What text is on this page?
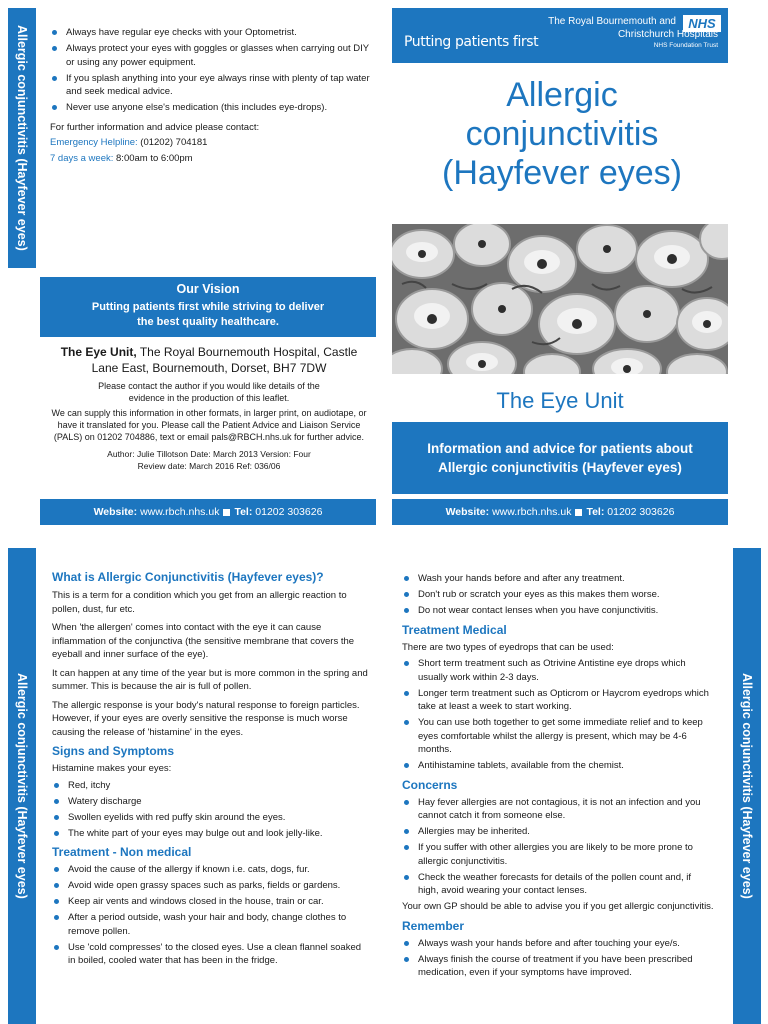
Allergic conjunctivitis (Hayfever eyes)	Always have regular eye checks with your Optometrist.
Always protect your eyes with goggles or glasses when carrying out DIY or using any power equipment.
If you splash anything into your eye always rinse with plenty of tap water and seek medical advice.
Never use anyone else's medication (this includes eye-drops).
For further information and advice please contact:
Emergency Helpline: (01202) 704181
7 days a week: 8:00am to 6:00pm
Our Vision
Putting patients first while striving to deliver the best quality healthcare.
The Eye Unit, The Royal Bournemouth Hospital, Castle Lane East, Bournemouth, Dorset, BH7 7DW
Please contact the author if you would like details of the evidence in the production of this leaflet.
We can supply this information in other formats, in larger print, on audiotape, or have it translated for you. Please call the Patient Advice and Liaison Service (PALS) on 01202 704886, text or email pals@RBCH.nhs.uk for further advice.
Author: Julie Tillotson Date: March 2013 Version: Four
Review date: March 2016 Ref: 036/06
Website:
www.rbch.nhs.uk Tel:
01202 303626
Putting patients first
NHS
The Royal Bournemouth and
Christchurch Hospitals
NHS Foundation Trust
Allergic conjunctivitis (Hayfever eyes)
The Eye Unit
Information and advice for patients about Allergic conjunctivitis (Hayfever eyes)
Website:
www.rbch.nhs.uk Tel:
01202 303626
Allergic conjunctivitis (Hayfever eyes)
What is Allergic Conjunctivitis (Hayfever eyes)?
This is a term for a condition which you get from an allergic reaction to pollen, dust, fur etc.
When 'the allergen' comes into contact with the eye it can cause inflammation of the conjunctiva (the sensitive membrane that covers the eyeball and inner surface of the eye).
It can happen at any time of the year but is more common in the spring and summer. This is because the air is full of pollen.
The allergic response is your body's natural response to foreign particles. However, if your eyes are overly sensitive the response is much worse causing the release of 'histamine' in the eyes.
Signs and Symptoms
Histamine makes your eyes:
Red, itchy
Watery discharge
Swollen eyelids with red puffy skin around the eyes.
The white part of your eyes may bulge out and look jelly-like.
Treatment - Non medical
Avoid the cause of the allergy if known i.e. cats, dogs, fur.
Avoid wide open grassy spaces such as parks, fields or gardens.
Keep air vents and windows closed in the house, train or car.
After a period outside, wash your hair and body, change clothes to remove pollen.
Use 'cold compresses' to the closed eyes. Use a clean flannel soaked in boiled, cooled water that has been in the fridge.
Wash your hands before and after any treatment.
Don't rub or scratch your eyes as this makes them worse.
Do not wear contact lenses when you have conjunctivitis.
Treatment Medical
There are two types of eyedrops that can be used:
Short term treatment such as Otrivine Antistine eye drops which usually work within 2-3 days.
Longer term treatment such as Opticrom or Haycrom eyedrops which take at least a week to start working.
You can use both together to get some immediate relief and to keep eyes comfortable whilst the allergy is present, which may be 4-6 months.
Antihistamine tablets, available from the chemist.
Concerns
Hay fever allergies are not contagious, it is not an infection and you cannot catch it from someone else.
Allergies may be inherited.
If you suffer with other allergies you are likely to be more prone to allergic conjunctivitis.
Check the weather forecasts for details of the pollen count and, if high, avoid wearing your contact lenses.
Your own GP should be able to advise you if you get allergic conjunctivitis.
Remember
Always wash your hands before and after touching your eye/s.
Always finish the course of treatment if you have been prescribed medication, even if your symptoms have improved.
Allergic conjunctivitis (Hayfever eyes)
